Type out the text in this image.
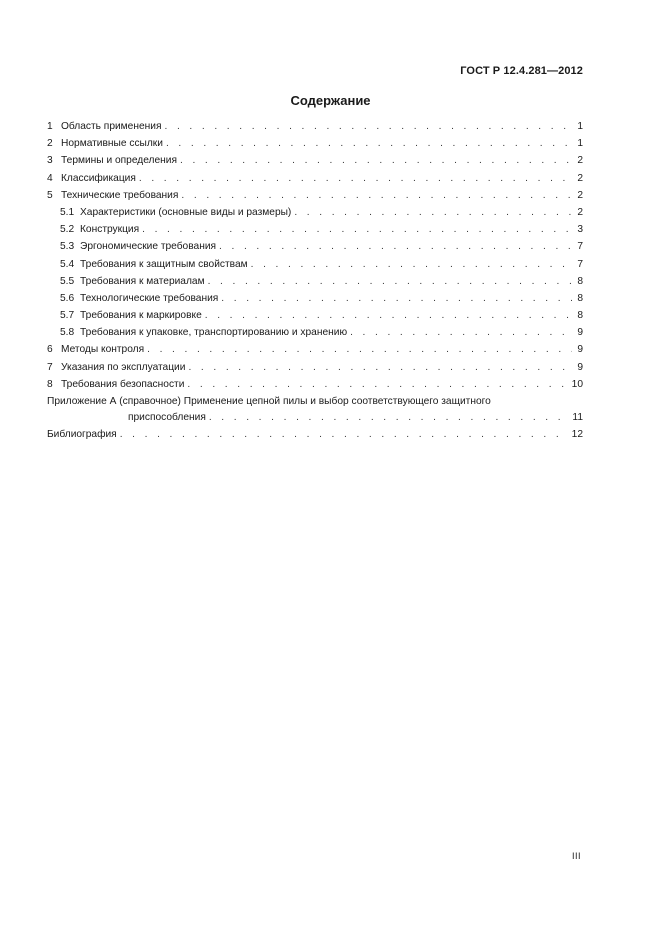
ГОСТ Р 12.4.281—2012
Содержание
1 Область применения . . .	1
2 Нормативные ссылки . . .	1
3 Термины и определения . . .	2
4 Классификация . . .	2
5 Технические требования . . .	2
5.1 Характеристики (основные виды и размеры) . . .	2
5.2 Конструкция . . .	3
5.3 Эргономические требования . . .	7
5.4 Требования к защитным свойствам . . .	7
5.5 Требования к материалам . . .	8
5.6 Технологические требования . . .	8
5.7 Требования к маркировке . . .	8
5.8 Требования к упаковке, транспортированию и хранению . . .	9
6 Методы контроля . . .	9
7 Указания по эксплуатации . . .	9
8 Требования безопасности . . .	10
Приложение А (справочное) Применение цепной пилы и выбор соответствующего защитного
приспособления . . .	11
Библиография . . .	12
III
